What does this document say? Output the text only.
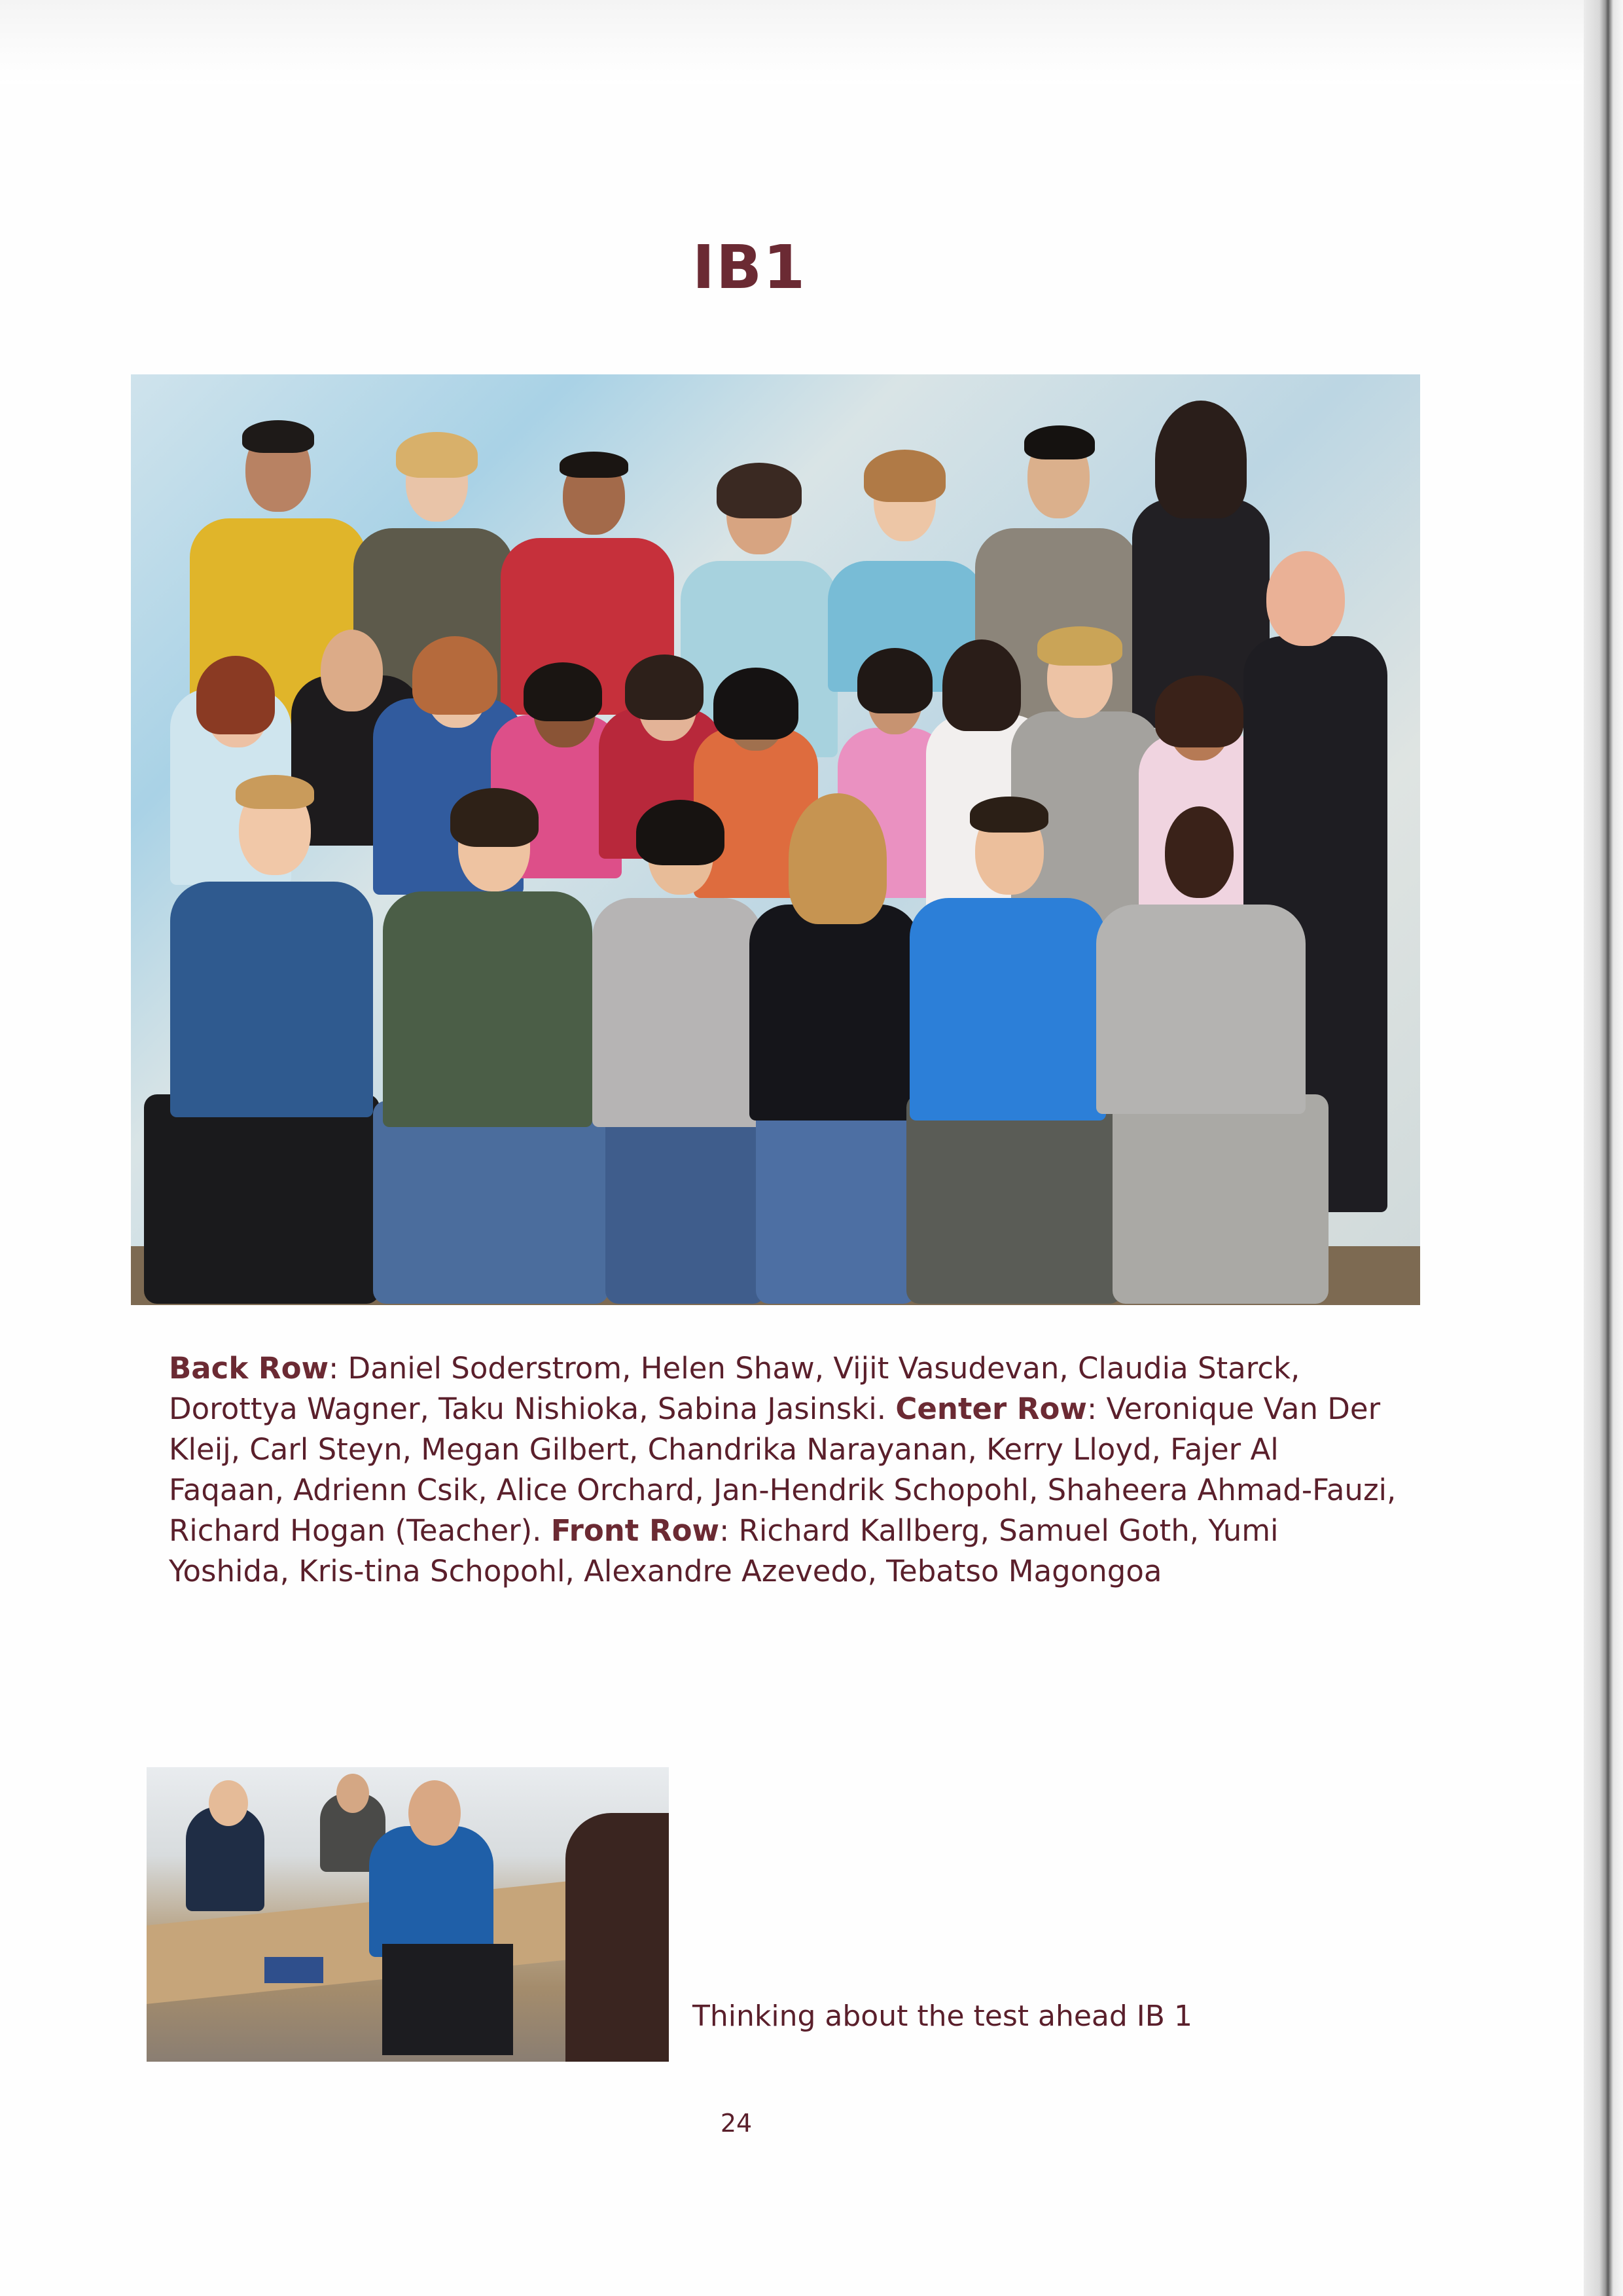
IB1
Back Row: Daniel Soderstrom, Helen Shaw, Vijit Vasudevan, Claudia Starck, Dorottya Wagner, Taku Nishioka, Sabina Jasinski. Center Row: Veronique Van Der Kleij, Carl Steyn, Megan Gilbert, Chandrika Narayanan, Kerry Lloyd, Fajer Al Faqaan, Adrienn Csik, Alice Orchard, Jan-Hendrik Schopohl, Shaheera Ahmad-Fauzi, Richard Hogan (Teacher). Front Row: Richard Kallberg, Samuel Goth, Yumi Yoshida, Kris-tina Schopohl, Alexandre Azevedo, Tebatso Magongoa
Thinking about the test ahead IB 1
24
